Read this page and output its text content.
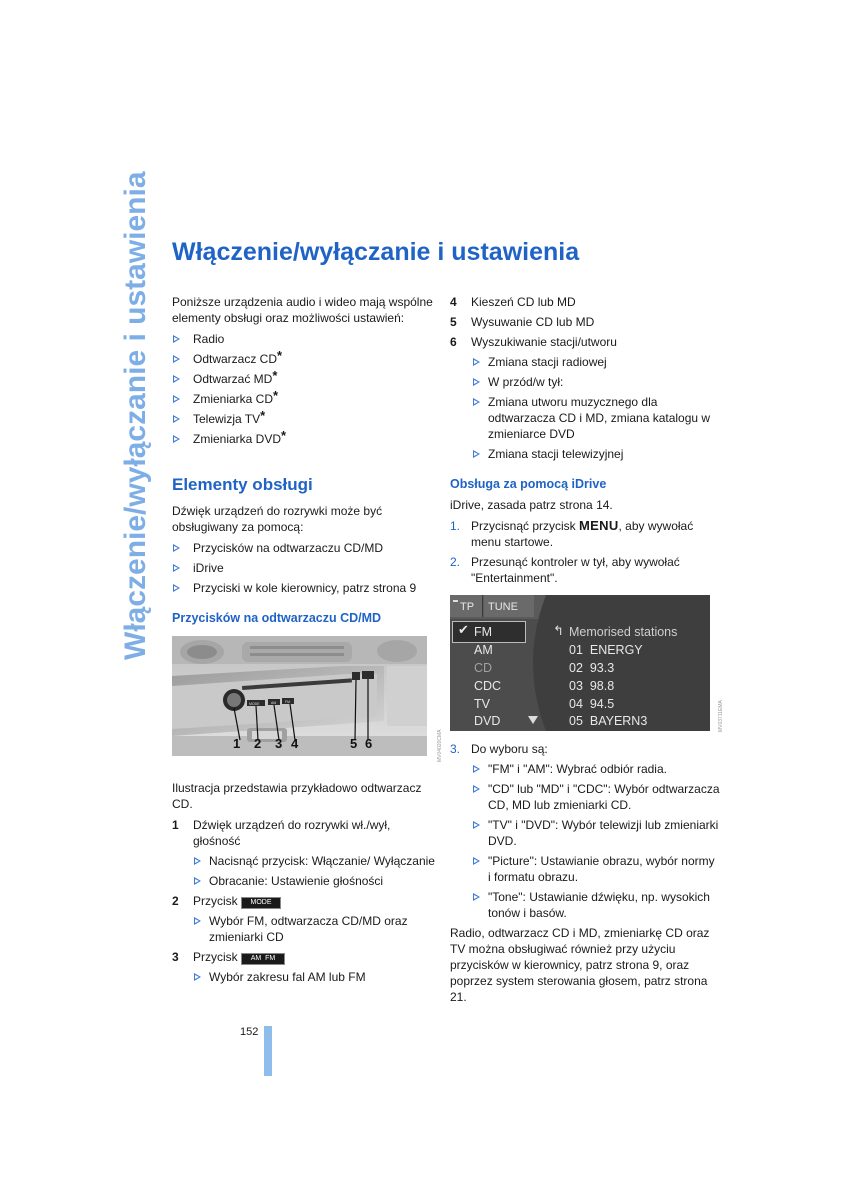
Włączenie/wyłączanie i ustawienia Włączenie/wyłączanie i ustawienia

Poniższe urządzenia audio i wideo mają wspólne elementy obsługi oraz możliwości ustawień:

Radio
Odtwarzacz CD*
Odtwarzać MD*
Zmieniarka CD*
Telewizja TV*
Zmieniarka DVD*
Elementy obsługi

Dźwięk urządzeń do rozrywki może być obsługiwany za pomocą:

Przycisków na odtwarzaczu CD/MD
iDrive
Przyciski w kole kierownicy, patrz strona 9
Przycisków na odtwarzaczu CD/MD
1 2 3 4	5 6
MODE	AM	FM
MV04020CMA

Ilustracja przedstawia przykładowo odtwarzacz CD.

1 Dźwięk urządzeń do rozrywki wł./wył, głośność
Nacisnąć przycisk: Włączanie/ Wyłączanie
Obracanie: Ustawienie głośności
2 Przycisk MODE
Wybór FM, odtwarzacza CD/MD oraz zmieniarki CD
3 Przycisk AM  FM
Wybór zakresu fal AM lub FM
4 Kieszeń CD lub MD
5 Wysuwanie CD lub MD
6 Wyszukiwanie stacji/utworu
Zmiana stacji radiowej
W przód/w tył:
Zmiana utworu muzycznego dla odtwarzacza CD i MD, zmiana katalogu w zmieniarce DVD
Zmiana stacji telewizyjnej
Obsługa za pomocą iDrive

iDrive, zasada patrz strona 14.

1. Przycisnąć przycisk MENU, aby wywołać menu startowe.
2. Przesunąć kontroler w tył, aby wywołać "Entertainment".
TP TUNE
✔ FM
AM
CD
CDC
TV
DVD
↰ Memorised stations
01 ENERGY
02 93.3
03 98.8
04 94.5
05 BAYERN3	MV03711EMA
3. Do wyboru są:
"FM" i "AM": Wybrać odbiór radia.
"CD" lub "MD" i "CDC": Wybór odtwarzacza CD, MD lub zmieniarki CD.
"TV" i "DVD": Wybór telewizji lub zmieniarki DVD.
"Picture": Ustawianie obrazu, wybór normy i formatu obrazu.
"Tone": Ustawianie dźwięku, np. wysokich tonów i basów.

Radio, odtwarzacz CD i MD, zmieniarkę CD oraz TV można obsługiwać również przy użyciu przycisków w kierownicy, patrz strona 9, oraz poprzez system sterowania głosem, patrz strona 21.

152
